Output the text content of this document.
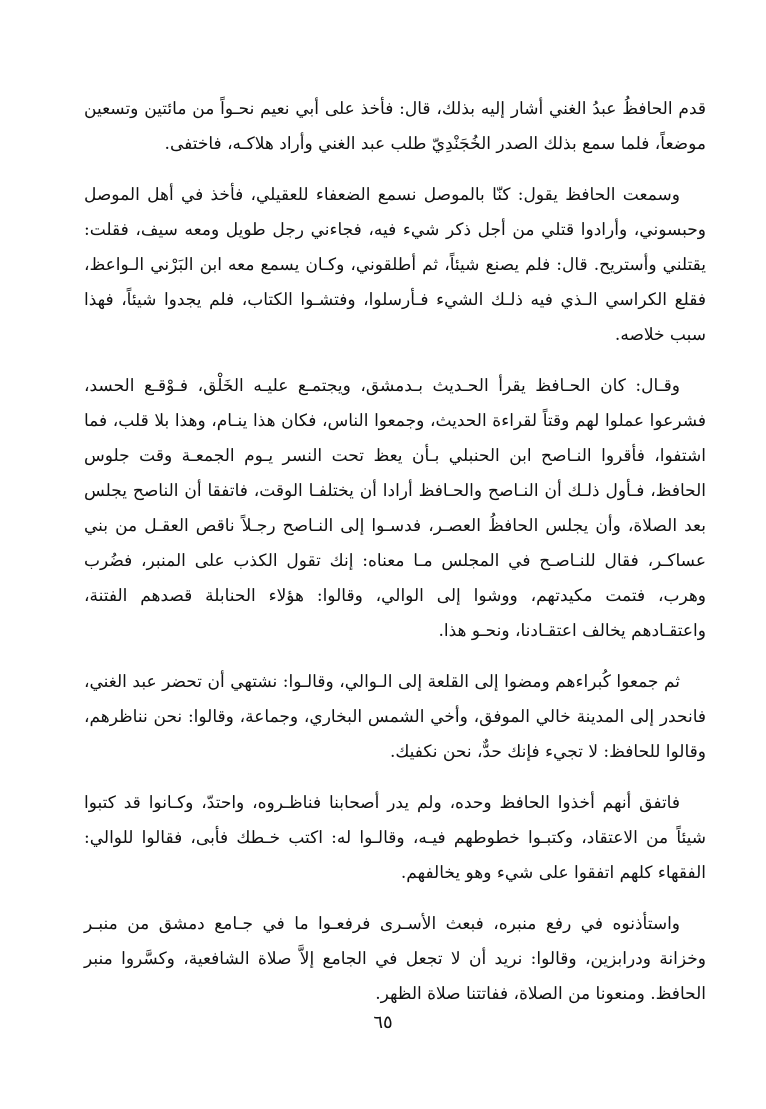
قدم الحافظُ عبدُ الغني أشار إليه بذلك، قال: فأخذ على أبي نعيم نحـواً من مائتين وتسعين موضعاً، فلما سمع بذلك الصدر الخُجَنْدِيّ طلب عبد الغني وأراد هلاكـه، فاختفى.

وسمعت الحافظ يقول: كنّا بالموصل نسمع الضعفاء للعقيلي، فأخذ في أهل الموصل وحبسوني، وأرادوا قتلي من أجل ذكر شيء فيه، فجاءني رجل طويل ومعه سيف، فقلت: يقتلني وأستريح. قال: فلم يصنع شيئاً، ثم أطلقوني، وكـان يسمع معه ابن البَرْني الـواعظ، فقلع الكراسي الـذي فيه ذلـك الشيء فـأرسلوا، وفتشـوا الكتاب، فلم يجدوا شيئاً، فهذا سبب خلاصه.

وقـال: كان الحـافظ يقرأ الحـديث بـدمشق، ويجتمـع عليـه الخَلْق، فـوْقـع الحسد، فشرعوا عملوا لهم وقتاً لقراءة الحديث، وجمعوا الناس، فكان هذا ينـام، وهذا بلا قلب، فما اشتفوا، فأقروا النـاصح ابن الحنبلي بـأن يعظ تحت النسر يـوم الجمعـة وقت جلوس الحافظ، فـأول ذلـك أن النـاصح والحـافظ أرادا أن يختلفـا الوقت، فاتفقا أن الناصح يجلس بعد الصلاة، وأن يجلس الحافظُ العصـر، فدسـوا إلى النـاصح رجـلاً ناقص العقـل من بني عساكـر، فقال للنـاصـح في المجلس مـا معناه: إنك تقول الكذب على المنبر، فضُرب وهرب، فتمت مكيدتهم، ووشوا إلى الوالي، وقالوا: هؤلاء الحنابلة قصدهم الفتنة، واعتقـادهم يخالف اعتقـادنا، ونحـو هذا.

ثم جمعوا كُبراءهم ومضوا إلى القلعة إلى الـوالي، وقالـوا: نشتهي أن تحضر عبد الغني، فانحدر إلى المدينة خالي الموفق، وأخي الشمس البخاري، وجماعة، وقالوا: نحن نناظرهم، وقالوا للحافظ: لا تجيء فإنك حدٌّ، نحن نكفيك.

فاتفق أنهم أخذوا الحافظ وحده، ولم يدر أصحابنا فناظـروه، واحتدّ، وكـانوا قد كتبوا شيئاً من الاعتقاد، وكتبـوا خطوطهم فيـه، وقالـوا له: اكتب خـطك فأبى، فقالوا للوالي: الفقهاء كلهم اتفقوا على شيء وهو يخالفهم.

واستأذنوه في رفع منبره، فبعث الأسـرى فرفعـوا ما في جـامع دمشق من منبـر وخزانة ودرابزين، وقالوا: نريد أن لا تجعل في الجامع إلاَّ صلاة الشافعية، وكسَّروا منبر الحافظ. ومنعونا من الصلاة، ففاتتنا صلاة الظهر.

٦٥
